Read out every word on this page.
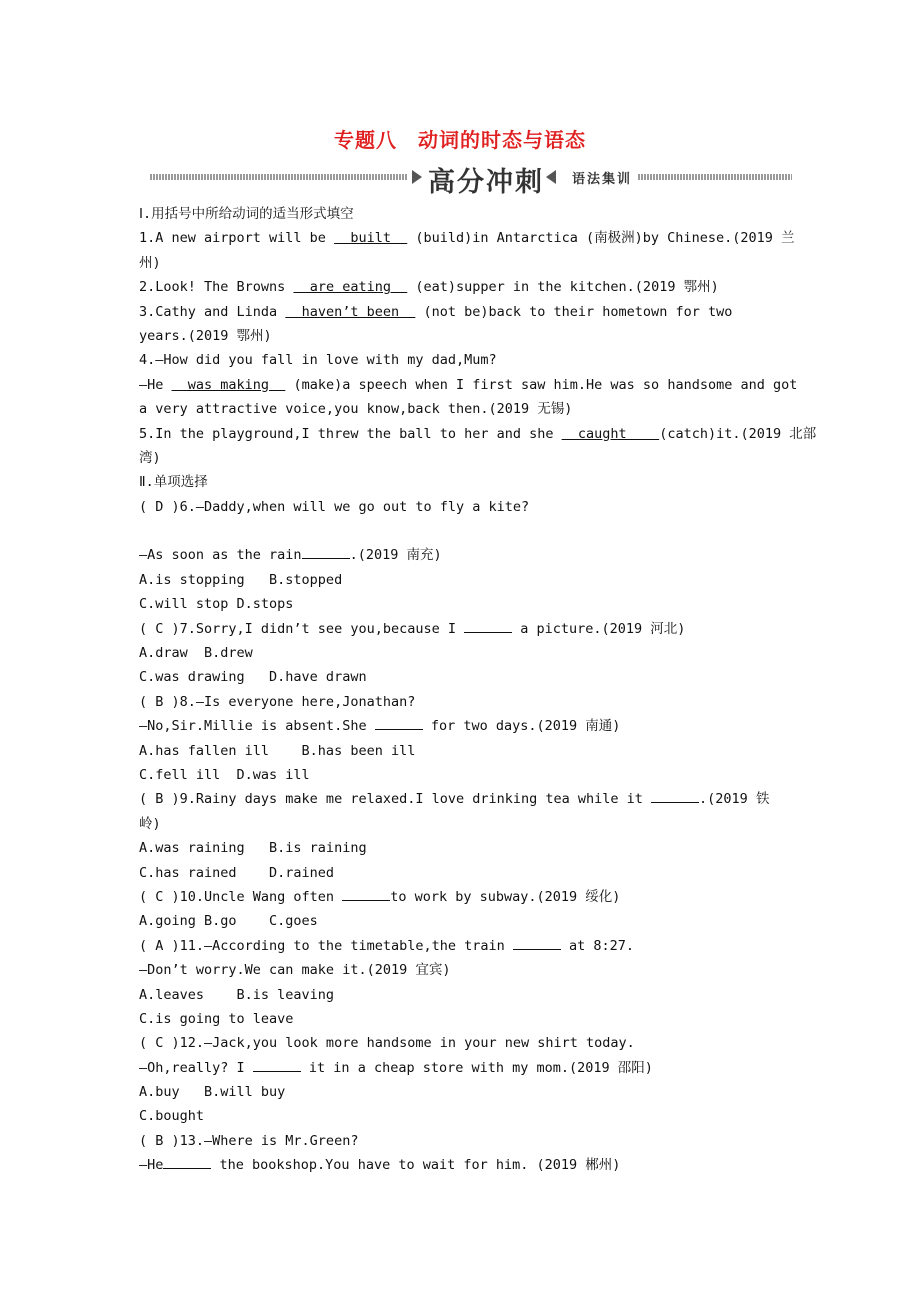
专题八　动词的时态与语态
高分冲刺 语法集训
Ⅰ.用括号中所给动词的适当形式填空
1.A new airport will be   built   (build)in Antarctica (南极洲)by Chinese.(2019 兰
州)
2.Look! The Browns   are eating   (eat)supper in the kitchen.(2019 鄂州)
3.Cathy and Linda   haven’t been   (not be)back to their hometown for two
years.(2019 鄂州)
4.—How did you fall in love with my dad,Mum?
—He   was making   (make)a speech when I first saw him.He was so handsome and got
a very attractive voice,you know,back then.(2019 无锡)
5.In the playground,I threw the ball to her and she   caught    (catch)it.(2019 北部
湾)
Ⅱ.单项选择
( D )6.—Daddy,when will we go out to fly a kite?
—As soon as the rain	.(2019 南充)
A.is stopping   B.stopped
C.will stop D.stops
( C )7.Sorry,I didn’t see you,because I	a picture.(2019 河北)
A.draw  B.drew
C.was drawing   D.have drawn
( B )8.—Is everyone here,Jonathan?
—No,Sir.Millie is absent.She	for two days.(2019 南通)
A.has fallen ill    B.has been ill
C.fell ill  D.was ill
( B )9.Rainy days make me relaxed.I love drinking tea while it	.(2019 铁
岭)
A.was raining   B.is raining
C.has rained    D.rained
( C )10.Uncle Wang often	to work by subway.(2019 绥化)
A.going B.go    C.goes
( A )11.—According to the timetable,the train	at 8:27.
—Don’t worry.We can make it.(2019 宜宾)
A.leaves    B.is leaving
C.is going to leave
( C )12.—Jack,you look more handsome in your new shirt today.
—Oh,really? I	it in a cheap store with my mom.(2019 邵阳)
A.buy   B.will buy
C.bought
( B )13.—Where is Mr.Green?
—He	the bookshop.You have to wait for him. (2019 郴州)
